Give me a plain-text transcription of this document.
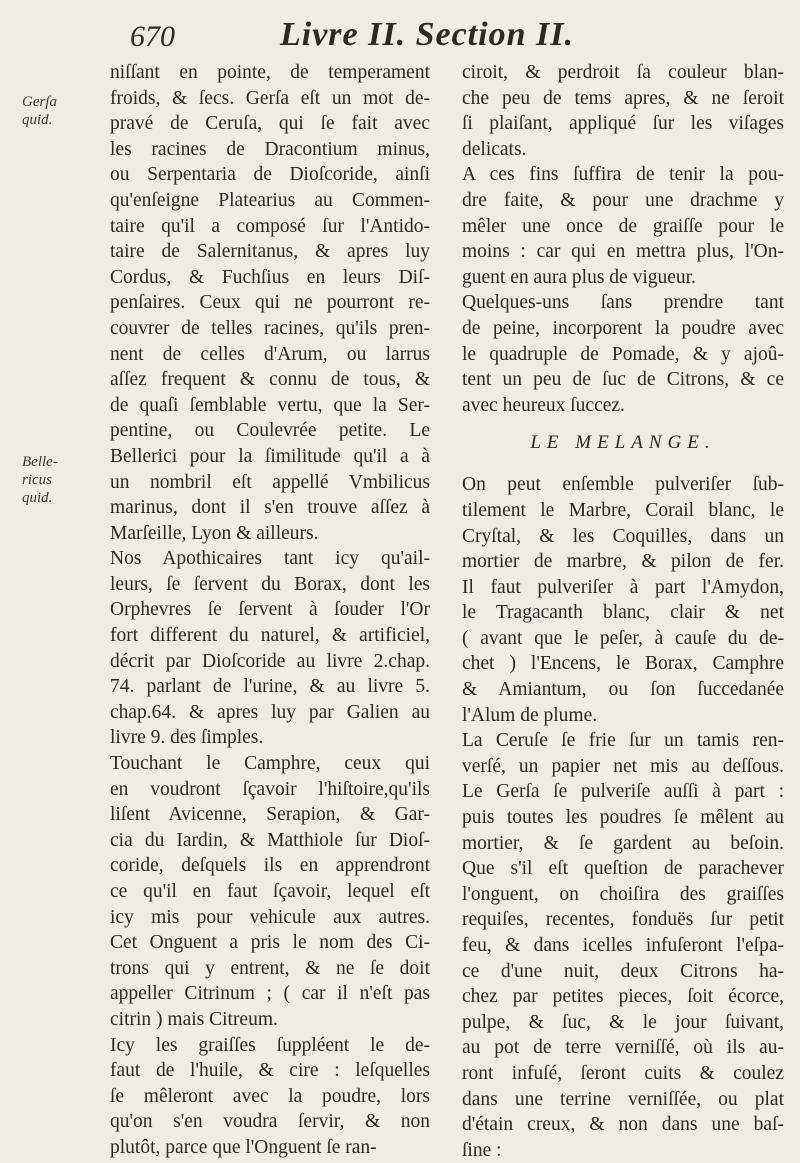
670	Livre II. Section II.
Gerſa
quid.
Belle-
ricus
quid.
niſſant en pointe, de temperament
froids, & ſecs. Gerſa eſt un mot de-
pravé de Ceruſa, qui ſe fait avec
les racines de Dracontium minus,
ou Serpentaria de Dioſcoride, ainſi
qu'enſeigne Platearius au Commen-
taire qu'il a composé ſur l'Antido-
taire de Salernitanus, & apres luy
Cordus, & Fuchſius en leurs Diſ-
penſaires. Ceux qui ne pourront re-
couvrer de telles racines, qu'ils pren-
nent de celles d'Arum, ou larrus
aſſez frequent & connu de tous, &
de quaſi ſemblable vertu, que la Ser-
pentine, ou Coulevrée petite. Le
Bellerici pour la ſimilitude qu'il a à
un nombril eſt appellé Vmbilicus
marinus, dont il s'en trouve aſſez à
Marſeille, Lyon & ailleurs.
Nos Apothicaires tant icy qu'ail-
leurs, ſe ſervent du Borax, dont les
Orphevres ſe ſervent à ſouder l'Or
fort different du naturel, & artificiel,
décrit par Dioſcoride au livre 2.chap.
74. parlant de l'urine, & au livre 5.
chap.64. & apres luy par Galien au
livre 9. des ſimples.
Touchant le Camphre, ceux qui
en voudront ſçavoir l'hiſtoire,qu'ils
liſent Avicenne, Serapion, & Gar-
cia du Iardin, & Matthiole ſur Dioſ-
coride, deſquels ils en apprendront
ce qu'il en faut ſçavoir, lequel eſt
icy mis pour vehicule aux autres.
Cet Onguent a pris le nom des Ci-
trons qui y entrent, & ne ſe doit
appeller Citrinum ; ( car il n'eſt pas
citrin ) mais Citreum.
Icy les graiſſes ſuppléent le de-
faut de l'huile, & cire : leſquelles
ſe mêleront avec la poudre, lors
qu'on s'en voudra ſervir, & non
plutôt, parce que l'Onguent ſe ran-
ciroit, & perdroit ſa couleur blan-
che peu de tems apres, & ne ſeroit
ſi plaiſant, appliqué ſur les viſages
delicats.
A ces fins ſuffira de tenir la pou-
dre faite, & pour une drachme y
mêler une once de graiſſe pour le
moins : car qui en mettra plus, l'On-
guent en aura plus de vigueur.
Quelques-uns ſans prendre tant
de peine, incorporent la poudre avec
le quadruple de Pomade, & y ajoû-
tent un peu de ſuc de Citrons, & ce
avec heureux ſuccez.
LE MELANGE.
On peut enſemble pulveriſer ſub-
tilement le Marbre, Corail blanc, le
Cryſtal, & les Coquilles, dans un
mortier de marbre, & pilon de fer.
Il faut pulveriſer à part l'Amydon,
le Tragacanth blanc, clair & net
( avant que le peſer, à cauſe du de-
chet ) l'Encens, le Borax, Camphre
& Amiantum, ou ſon ſuccedanée
l'Alum de plume.
La Ceruſe ſe frie ſur un tamis ren-
verſé, un papier net mis au deſſous.
Le Gerſa ſe pulveriſe auſſi à part :
puis toutes les poudres ſe mêlent au
mortier, & ſe gardent au beſoin.
Que s'il eſt queſtion de parachever
l'onguent, on choiſira des graiſſes
requiſes, recentes, fonduës ſur petit
feu, & dans icelles infuſeront l'eſpa-
ce d'une nuit, deux Citrons ha-
chez par petites pieces, ſoit écorce,
pulpe, & ſuc, & le jour ſuivant,
au pot de terre verniſſé, où ils au-
ront infuſé, ſeront cuits & coulez
dans une terrine verniſſée, ou plat
d'étain creux, & non dans une baſ-
ſine :
